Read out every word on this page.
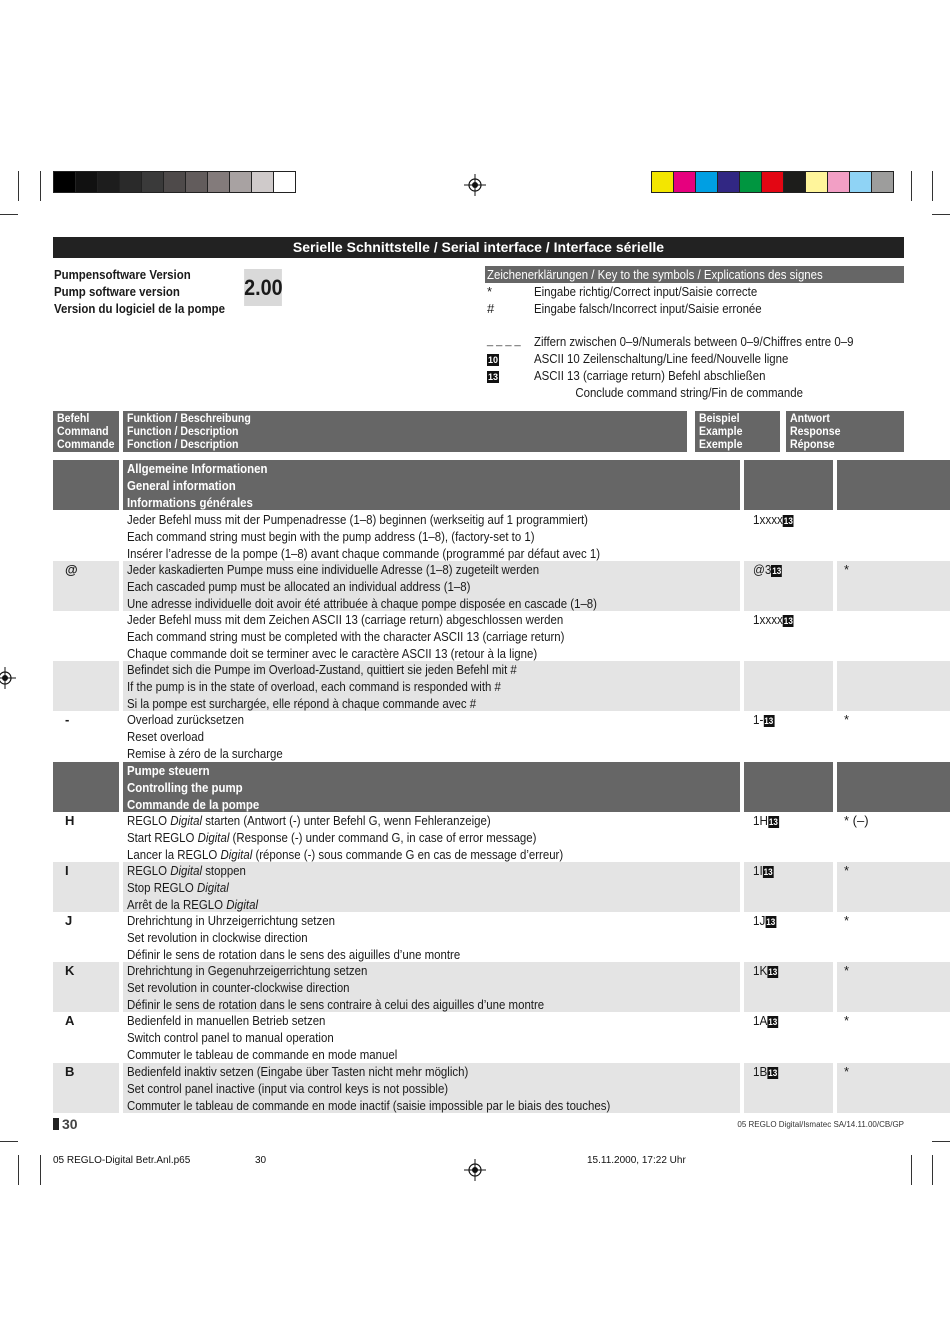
Serielle Schnittstelle / Serial interface / Interface sérielle
Pumpensoftware Version
Pump software version
Version du logiciel de la pompe
2.00
Zeichenerklärungen / Key to the symbols / Explications des signes
*	Eingabe richtig/Correct input/Saisie correcte
#	Eingabe falsch/Incorrect input/Saisie erronée
_ _ _ _	Ziffern zwischen 0–9/Numerals between 0–9/Chiffres entre 0–9
10	ASCII 10 Zeilenschaltung/Line feed/Nouvelle ligne
13	ASCII 13 (carriage return) Befehl abschließen
Conclude command string/Fin de commande
Befehl
Command
Commande
Funktion / Beschreibung
Function / Description
Fonction / Description
Beispiel
Example
Exemple
Antwort
Response
Réponse
Allgemeine Informationen
General information
Informations générales
Jeder Befehl muss mit der Pumpenadresse (1–8) beginnen (werkseitig auf 1 programmiert)
Each command string must begin with the pump address (1–8), (factory-set to 1)
Insérer l’adresse de la pompe (1–8) avant chaque commande (programmé par défaut avec 1)
1xxxx13
@	Jeder kaskadierten Pumpe muss eine individuelle Adresse (1–8) zugeteilt werden
Each cascaded pump must be allocated an individual address (1–8)
Une adresse individuelle doit avoir été attribuée à chaque pompe disposée en cascade (1–8)
@313	*
Jeder Befehl muss mit dem Zeichen ASCII 13 (carriage return) abgeschlossen werden
Each command string must be completed with the character ASCII 13 (carriage return)
Chaque commande doit se terminer avec le caractère ASCII 13 (retour à la ligne)
1xxxx13
Befindet sich die Pumpe im Overload-Zustand, quittiert sie jeden Befehl mit #
If the pump is in the state of overload, each command is responded with #
Si la pompe est surchargée, elle répond à chaque commande avec #
-	Overload zurücksetzen
Reset overload
Remise à zéro de la surcharge
1-13	*
Pumpe steuern
Controlling the pump
Commande de la pompe
H	REGLO Digital starten (Antwort (-) unter Befehl G, wenn Fehleranzeige)
Start REGLO Digital (Response (-) under command G, in case of error message)
Lancer la REGLO Digital (réponse (-) sous commande G en cas de message d’erreur)
1H13	* (–)
I	REGLO Digital stoppen
Stop REGLO Digital
Arrêt de la REGLO Digital
1I13	*
J	Drehrichtung in Uhrzeigerrichtung setzen
Set revolution in clockwise direction
Définir le sens de rotation dans le sens des aiguilles d’une montre
1J13	*
K	Drehrichtung in Gegenuhrzeigerrichtung setzen
Set revolution in counter-clockwise direction
Définir le sens de rotation dans le sens contraire à celui des aiguilles d’une montre
1K13	*
A	Bedienfeld in manuellen Betrieb setzen
Switch control panel to manual operation
Commuter le tableau de commande en mode manuel
1A13	*
B	Bedienfeld inaktiv setzen (Eingabe über Tasten nicht mehr möglich)
Set control panel inactive (input via control keys is not possible)
Commuter le tableau de commande en mode inactif (saisie impossible par le biais des touches)
1B13	*
30	05 REGLO Digital/Ismatec SA/14.11.00/CB/GP
05 REGLO-Digital Betr.Anl.p65	30	15.11.2000, 17:22 Uhr
